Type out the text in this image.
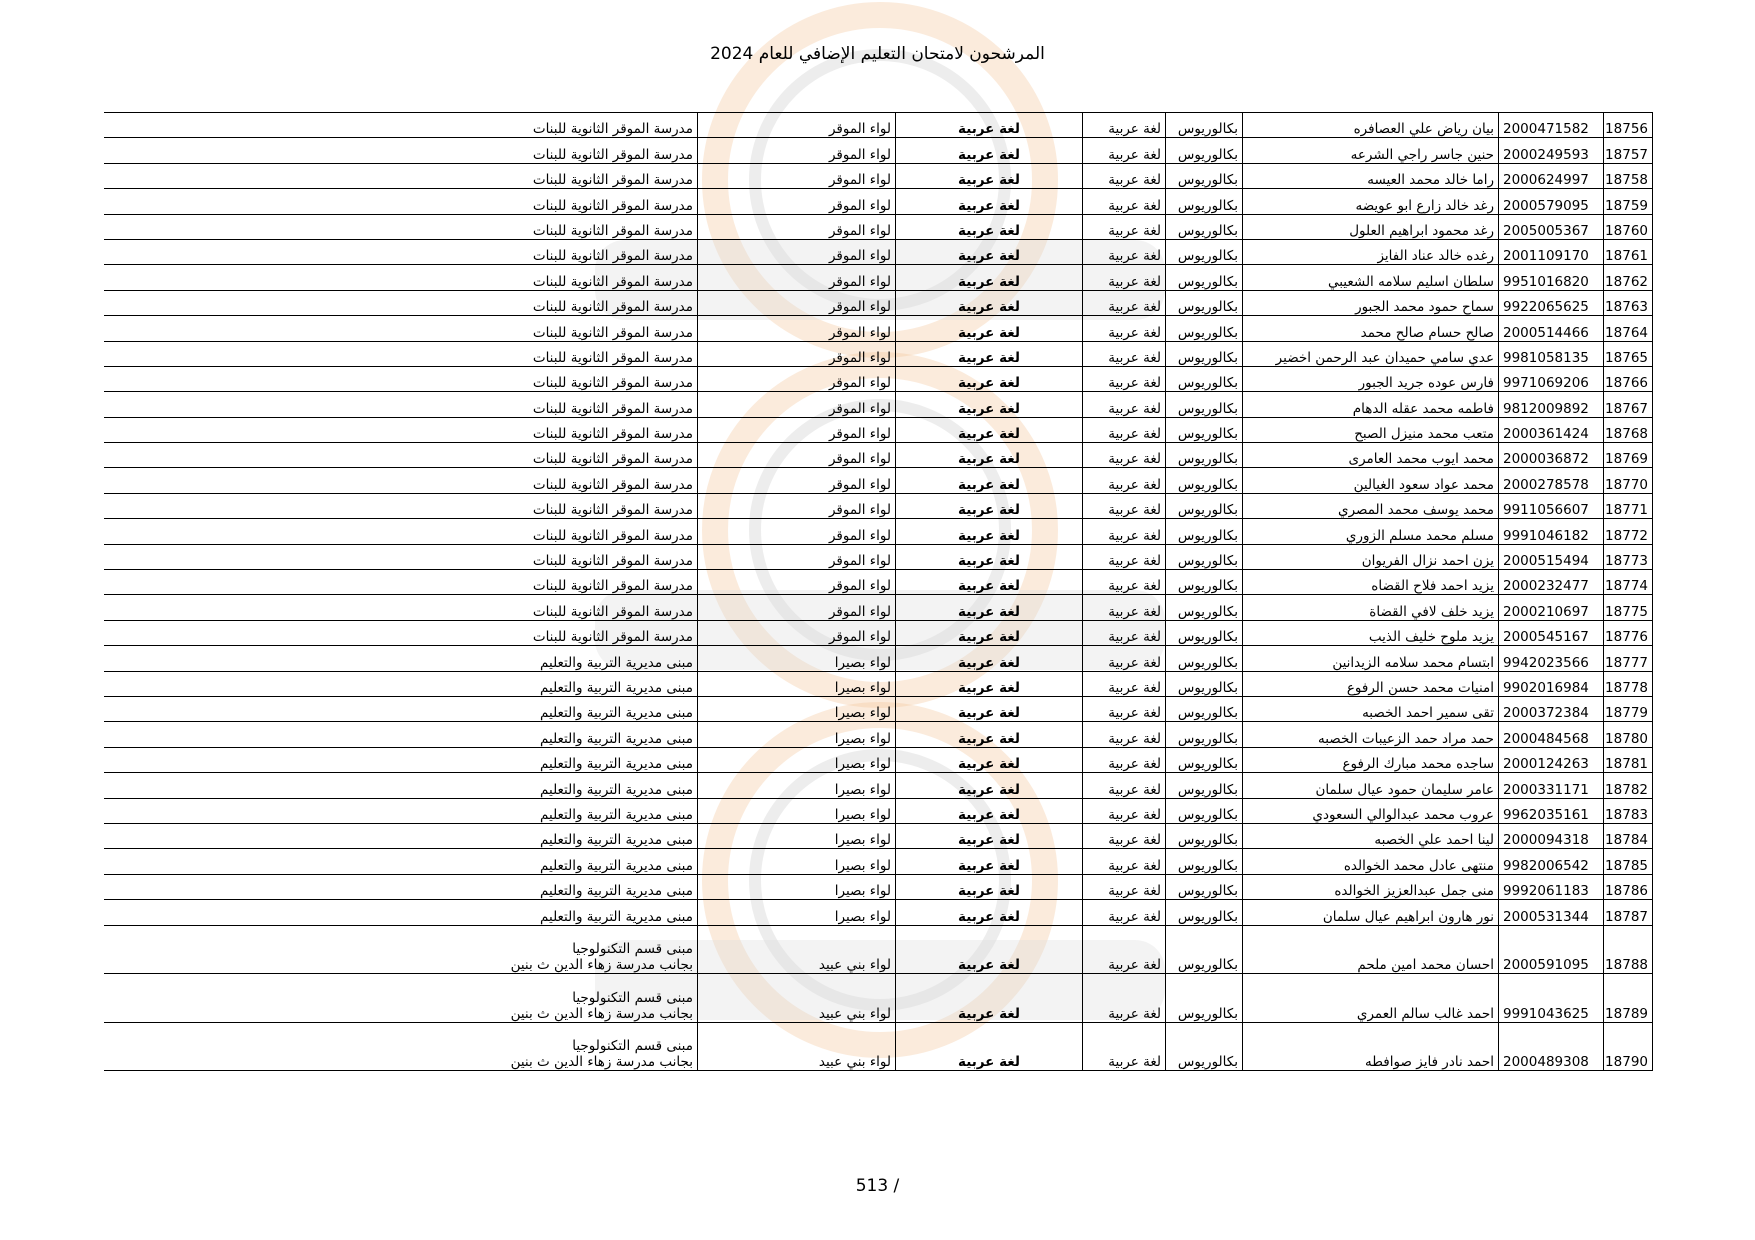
المرشحون لامتحان التعليم الإضافي للعام 2024
18756	2000471582	بيان رياض علي العصافره	بكالوريوس	لغة عربية	لغة عربية	لواء الموقر	مدرسة الموقر الثانوية للبنات

18757	2000249593	حنين جاسر راجي الشرعه	بكالوريوس	لغة عربية	لغة عربية	لواء الموقر	مدرسة الموقر الثانوية للبنات

18758	2000624997	راما خالد محمد العيسه	بكالوريوس	لغة عربية	لغة عربية	لواء الموقر	مدرسة الموقر الثانوية للبنات

18759	2000579095	رغد خالد زارع ابو عويضه	بكالوريوس	لغة عربية	لغة عربية	لواء الموقر	مدرسة الموقر الثانوية للبنات

18760	2005005367	رغد محمود ابراهيم العلول	بكالوريوس	لغة عربية	لغة عربية	لواء الموقر	مدرسة الموقر الثانوية للبنات

18761	2001109170	رغده خالد عناد الفايز	بكالوريوس	لغة عربية	لغة عربية	لواء الموقر	مدرسة الموقر الثانوية للبنات

18762	9951016820	سلطان اسليم سلامه الشعيبي	بكالوريوس	لغة عربية	لغة عربية	لواء الموقر	مدرسة الموقر الثانوية للبنات

18763	9922065625	سماح حمود محمد الجبور	بكالوريوس	لغة عربية	لغة عربية	لواء الموقر	مدرسة الموقر الثانوية للبنات

18764	2000514466	صالح حسام صالح محمد	بكالوريوس	لغة عربية	لغة عربية	لواء الموقر	مدرسة الموقر الثانوية للبنات

18765	9981058135	عدي سامي حميدان عبد الرحمن اخضير	بكالوريوس	لغة عربية	لغة عربية	لواء الموقر	مدرسة الموقر الثانوية للبنات

18766	9971069206	فارس عوده جريد الجبور	بكالوريوس	لغة عربية	لغة عربية	لواء الموقر	مدرسة الموقر الثانوية للبنات

18767	9812009892	فاطمه محمد عقله الدهام	بكالوريوس	لغة عربية	لغة عربية	لواء الموقر	مدرسة الموقر الثانوية للبنات

18768	2000361424	متعب محمد منيزل الصبح	بكالوريوس	لغة عربية	لغة عربية	لواء الموقر	مدرسة الموقر الثانوية للبنات

18769	2000036872	محمد ايوب محمد العامرى	بكالوريوس	لغة عربية	لغة عربية	لواء الموقر	مدرسة الموقر الثانوية للبنات

18770	2000278578	محمد عواد سعود الغيالين	بكالوريوس	لغة عربية	لغة عربية	لواء الموقر	مدرسة الموقر الثانوية للبنات

18771	9911056607	محمد يوسف محمد المصري	بكالوريوس	لغة عربية	لغة عربية	لواء الموقر	مدرسة الموقر الثانوية للبنات

18772	9991046182	مسلم محمد مسلم الزوري	بكالوريوس	لغة عربية	لغة عربية	لواء الموقر	مدرسة الموقر الثانوية للبنات

18773	2000515494	يزن احمد نزال الفريوان	بكالوريوس	لغة عربية	لغة عربية	لواء الموقر	مدرسة الموقر الثانوية للبنات

18774	2000232477	يزيد احمد فلاح القضاه	بكالوريوس	لغة عربية	لغة عربية	لواء الموقر	مدرسة الموقر الثانوية للبنات

18775	2000210697	يزيد خلف لافي القضاة	بكالوريوس	لغة عربية	لغة عربية	لواء الموقر	مدرسة الموقر الثانوية للبنات

18776	2000545167	يزيد ملوح خليف الذيب	بكالوريوس	لغة عربية	لغة عربية	لواء الموقر	مدرسة الموقر الثانوية للبنات

18777	9942023566	ابتسام محمد سلامه الزيدانين	بكالوريوس	لغة عربية	لغة عربية	لواء بصيرا	مبنى مديرية التربية والتعليم

18778	9902016984	امنيات محمد حسن الرفوع	بكالوريوس	لغة عربية	لغة عربية	لواء بصيرا	مبنى مديرية التربية والتعليم

18779	2000372384	تقى سمير احمد الخصبه	بكالوريوس	لغة عربية	لغة عربية	لواء بصيرا	مبنى مديرية التربية والتعليم

18780	2000484568	حمد مراد حمد الزعيبات الخصبه	بكالوريوس	لغة عربية	لغة عربية	لواء بصيرا	مبنى مديرية التربية والتعليم

18781	2000124263	ساجده محمد مبارك الرفوع	بكالوريوس	لغة عربية	لغة عربية	لواء بصيرا	مبنى مديرية التربية والتعليم

18782	2000331171	عامر سليمان حمود عيال سلمان	بكالوريوس	لغة عربية	لغة عربية	لواء بصيرا	مبنى مديرية التربية والتعليم

18783	9962035161	عروب محمد عبدالوالي السعودي	بكالوريوس	لغة عربية	لغة عربية	لواء بصيرا	مبنى مديرية التربية والتعليم

18784	2000094318	لينا احمد علي الخصبه	بكالوريوس	لغة عربية	لغة عربية	لواء بصيرا	مبنى مديرية التربية والتعليم

18785	9982006542	منتهى عادل محمد الخوالده	بكالوريوس	لغة عربية	لغة عربية	لواء بصيرا	مبنى مديرية التربية والتعليم

18786	9992061183	منى جمل عبدالعزيز الخوالده	بكالوريوس	لغة عربية	لغة عربية	لواء بصيرا	مبنى مديرية التربية والتعليم

18787	2000531344	نور هارون ابراهيم عيال سلمان	بكالوريوس	لغة عربية	لغة عربية	لواء بصيرا	مبنى مديرية التربية والتعليم

18788	2000591095	احسان محمد امين ملحم	بكالوريوس	لغة عربية	لغة عربية	لواء بني عبيد	مبنى قسم التكنولوجيا
بجانب مدرسة زهاء الدين ث بنين

18789	9991043625	احمد غالب سالم العمري	بكالوريوس	لغة عربية	لغة عربية	لواء بني عبيد	مبنى قسم التكنولوجيا
بجانب مدرسة زهاء الدين ث بنين

18790	2000489308	احمد نادر فايز صوافطه	بكالوريوس	لغة عربية	لغة عربية	لواء بني عبيد	مبنى قسم التكنولوجيا
بجانب مدرسة زهاء الدين ث بنين
513 /
